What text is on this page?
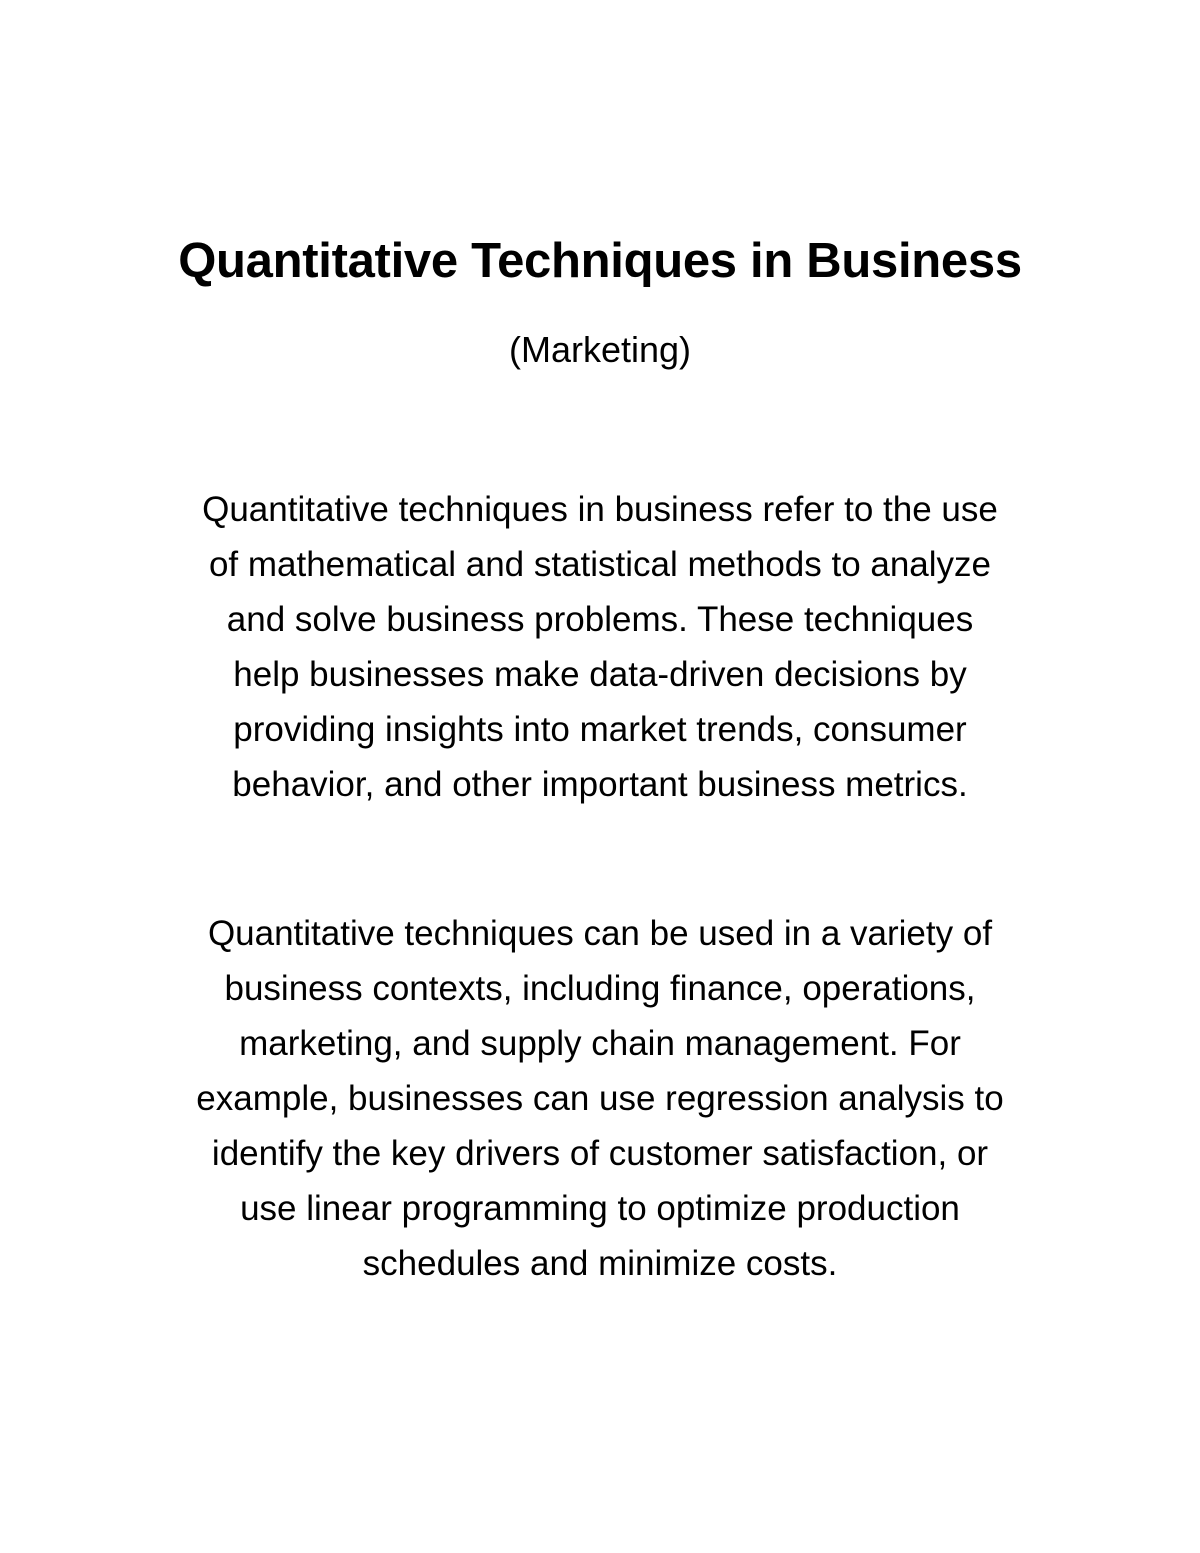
Quantitative Techniques in Business
(Marketing)

Quantitative techniques in business refer to the use
of mathematical and statistical methods to analyze
and solve business problems. These techniques
help businesses make data-driven decisions by
providing insights into market trends, consumer
behavior, and other important business metrics.

Quantitative techniques can be used in a variety of
business contexts, including finance, operations,
marketing, and supply chain management. For
example, businesses can use regression analysis to
identify the key drivers of customer satisfaction, or
use linear programming to optimize production
schedules and minimize costs.
